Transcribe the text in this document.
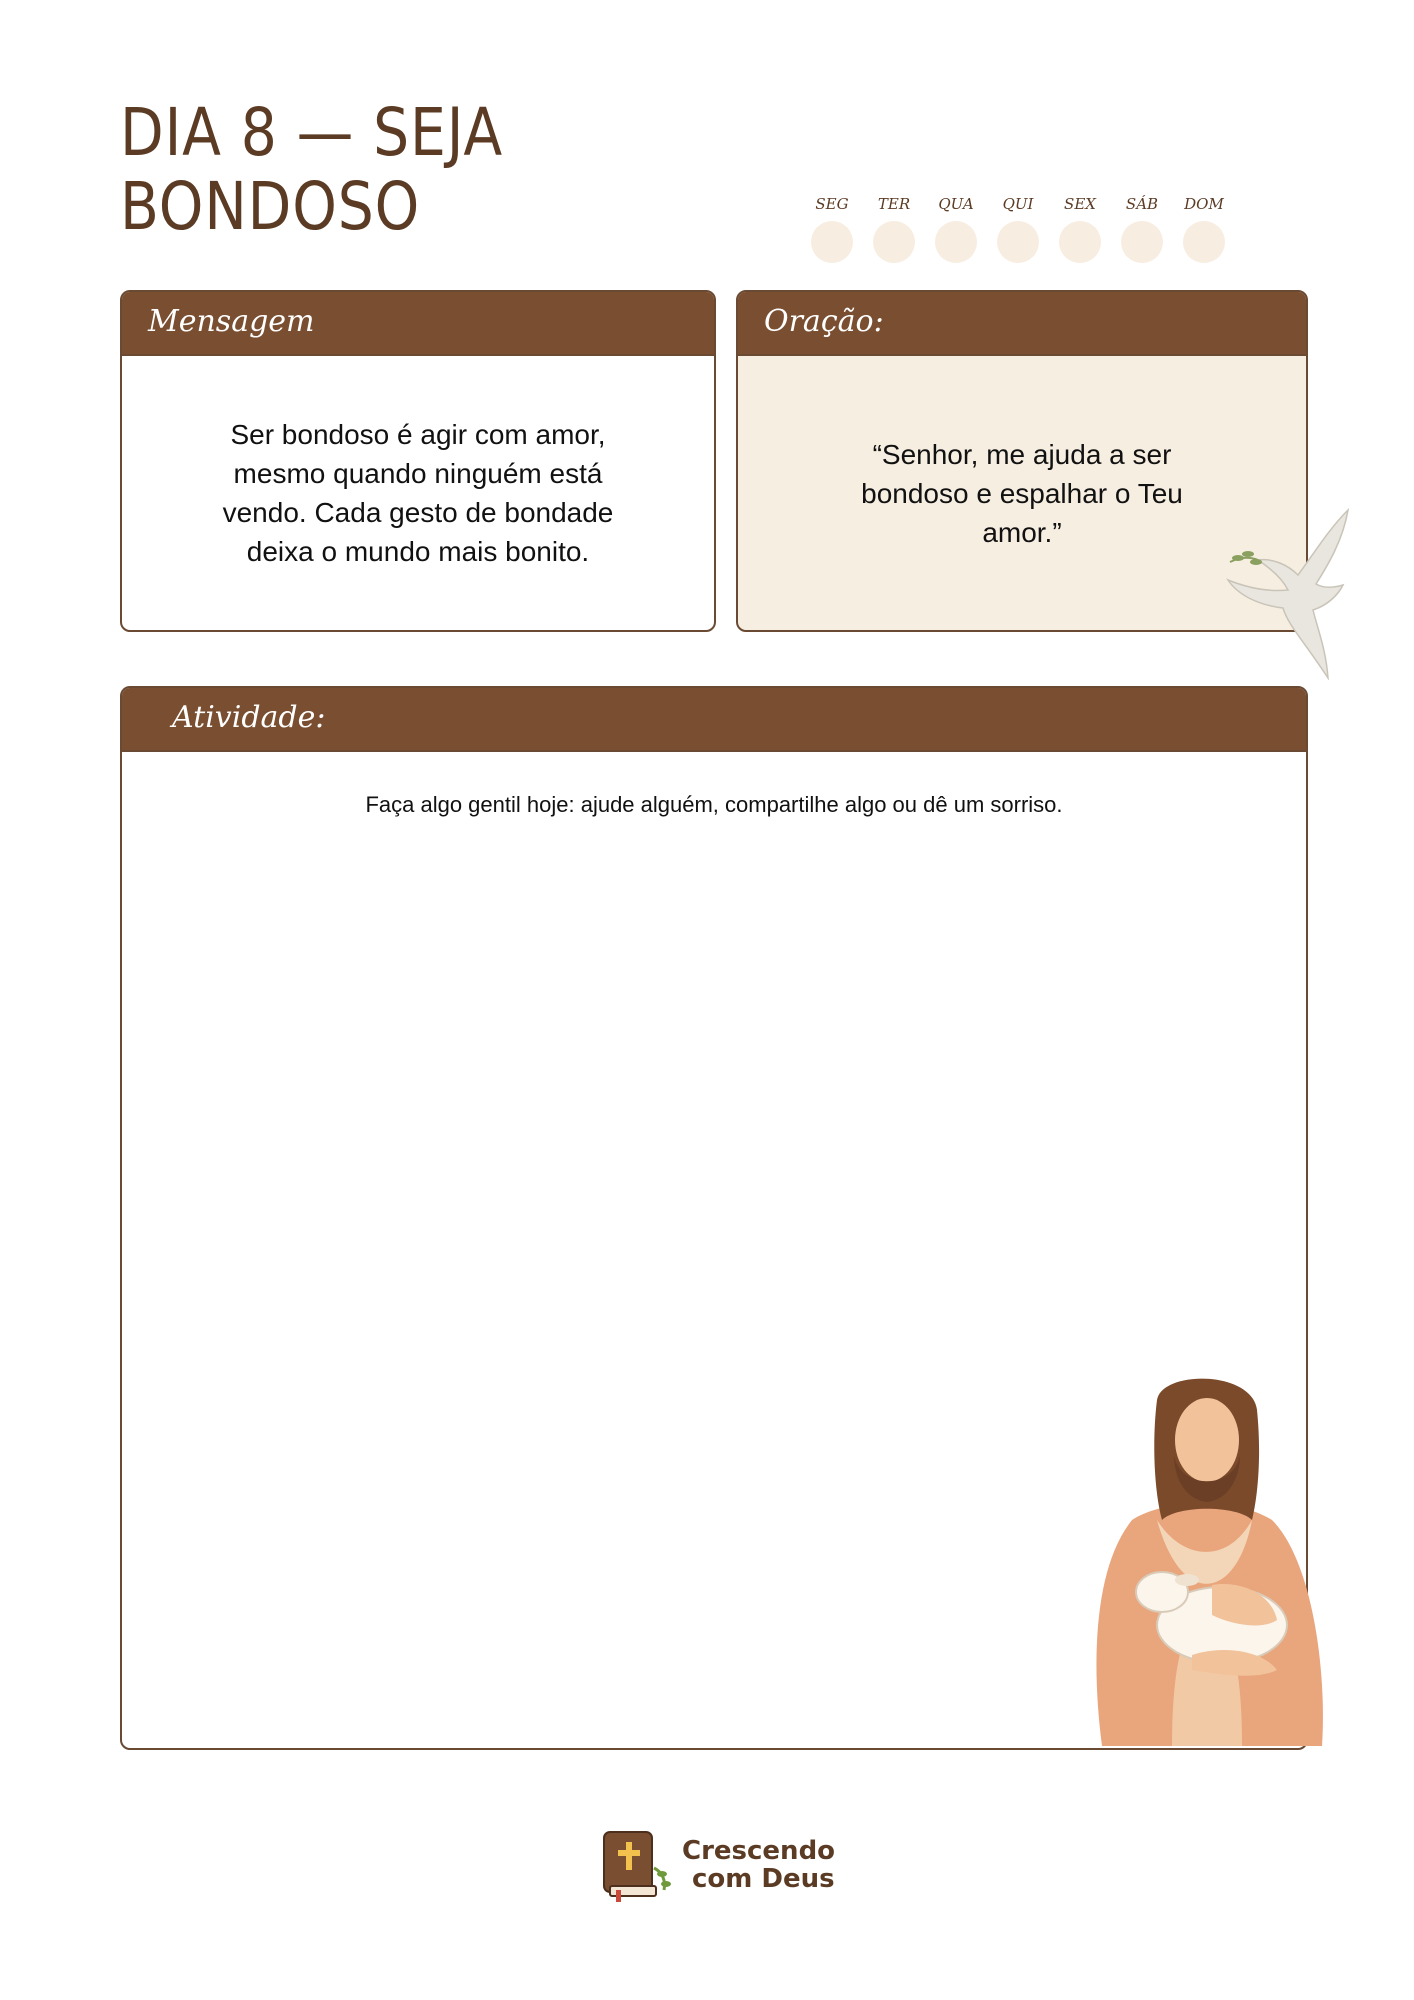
DIA 8 — SEJA
BONDOSO	SEG TER QUA QUI SEX SÁB DOM
Mensagem

Ser bondoso é agir com amor, mesmo quando ninguém está vendo. Cada gesto de bondade deixa o mundo mais bonito.

Oração:

“Senhor, me ajuda a ser bondoso e espalhar o Teu amor.”

Atividade:
Faça algo gentil hoje: ajude alguém, compartilhe algo ou dê um sorriso.
Crescendo
com Deus
